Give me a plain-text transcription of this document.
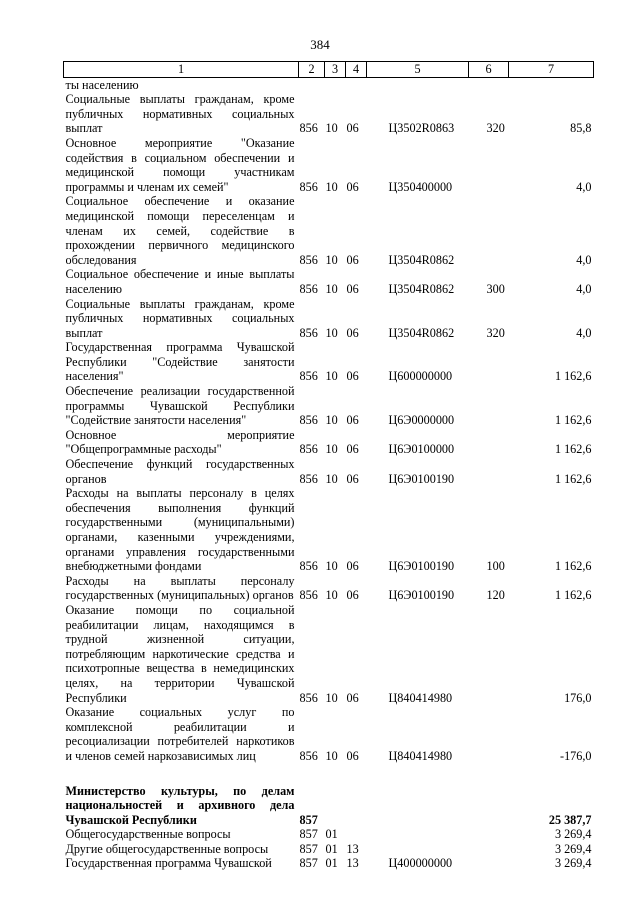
384
1	2	3	4	5	6	7
ты населению						
Социальные выплаты гражданам, кроме публичных нормативных социальных выплат	856	10	06	Ц3502R0863	320	85,8
Основное мероприятие "Оказание содействия в социальном обеспечении и медицинской помощи участникам программы и членам их семей"	856	10	06	Ц350400000		4,0
Социальное обеспечение и оказание медицинской помощи переселенцам и членам их семей, содействие в прохождении первичного медицинского обследования	856	10	06	Ц3504R0862		4,0
Социальное обеспечение и иные выплаты населению	856	10	06	Ц3504R0862	300	4,0
Социальные выплаты гражданам, кроме публичных нормативных социальных выплат	856	10	06	Ц3504R0862	320	4,0
Государственная программа Чувашской Республики "Содействие занятости населения"	856	10	06	Ц600000000		1 162,6
Обеспечение реализации государственной программы Чувашской Республики "Содействие занятости населения"	856	10	06	Ц6Э0000000		1 162,6
Основное мероприятие "Общепрограммные расходы"	856	10	06	Ц6Э0100000		1 162,6
Обеспечение функций государственных органов	856	10	06	Ц6Э0100190		1 162,6
Расходы на выплаты персоналу в целях обеспечения выполнения функций государственными (муниципальными) органами, казенными учреждениями, органами управления государственными внебюджетными фондами	856	10	06	Ц6Э0100190	100	1 162,6
Расходы на выплаты персоналу государственных (муниципальных) органов	856	10	06	Ц6Э0100190	120	1 162,6
Оказание помощи по социальной реабилитации лицам, находящимся в трудной жизненной ситуации, потребляющим наркотические средства и психотропные вещества в немедицинских целях, на территории Чувашской Республики	856	10	06	Ц840414980		176,0
Оказание социальных услуг по комплексной реабилитации и ресоциализации потребителей наркотиков и членов семей наркозависимых лиц	856	10	06	Ц840414980		-176,0

Министерство культуры, по делам национальностей и архивного дела Чувашской Республики	857					25 387,7
Общегосударственные вопросы	857	01				3 269,4
Другие общегосударственные вопросы	857	01	13			3 269,4
Государственная программа Чувашской	857	01	13	Ц400000000		3 269,4
